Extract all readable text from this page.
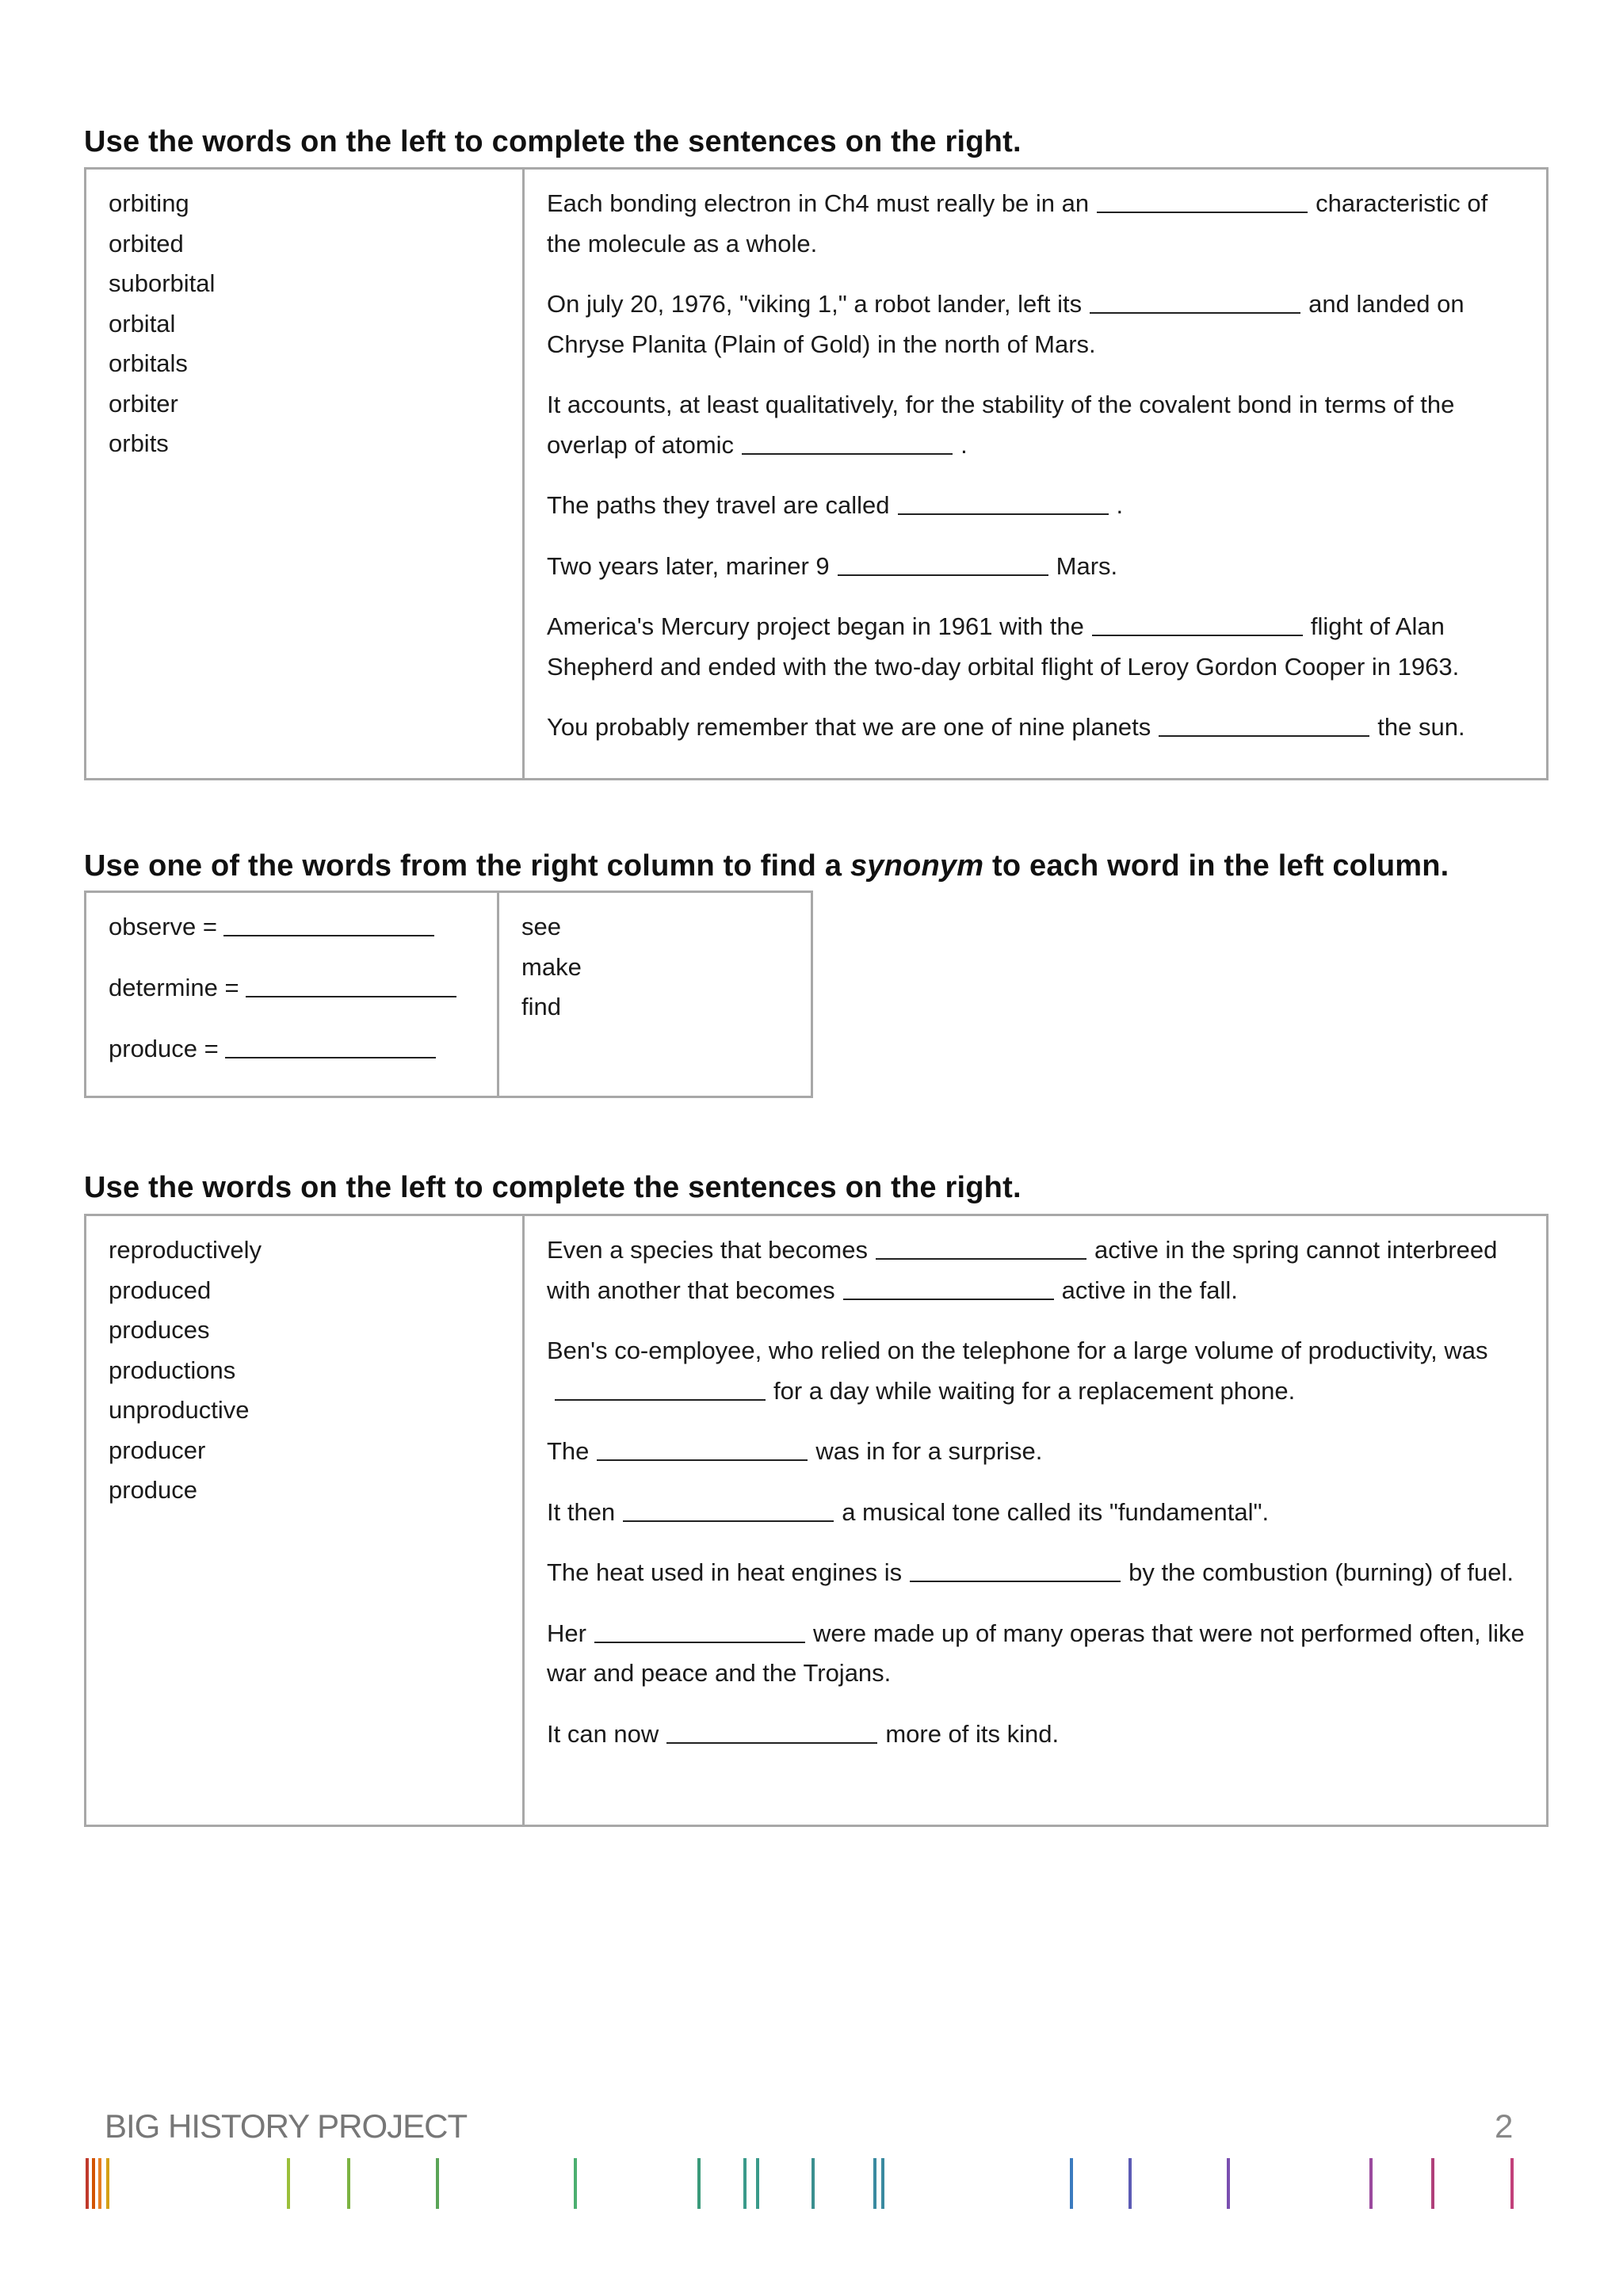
Use the words on the left to complete the sentences on the right.
orbiting
orbited
suborbital
orbital
orbitals
orbiter
orbits

Each bonding electron in Ch4 must really be in an	characteristic of the molecule as a whole.

On july 20, 1976, "viking 1," a robot lander, left its	and landed on Chryse Planita (Plain of Gold) in the north of Mars.

It accounts, at least qualitatively, for the stability of the covalent bond in terms of the overlap of atomic	.

The paths they travel are called	.

Two years later, mariner 9	Mars.

America's Mercury project began in 1961 with the	flight of Alan Shepherd and ended with the two-day orbital flight of Leroy Gordon Cooper in 1963.

You probably remember that we are one of nine planets	the sun.

Use one of the words from the right column to find a synonym to each word in the left column.
observe =
determine =
produce =
see
make
find
Use the words on the left to complete the sentences on the right.
reproductively
produced
produces
productions
unproductive
producer
produce

Even a species that becomes	active in the spring cannot interbreed with another that becomes	active in the fall.

Ben's co-employee, who relied on the telephone for a large volume of productivity, wasfor a day while waiting for a replacement phone.

The	was in for a surprise.

It then	a musical tone called its "fundamental".

The heat used in heat engines is	by the combustion (burning) of fuel.

Her	were made up of many operas that were not performed often, like war and peace and the Trojans.

It can now	more of its kind.

BIG HISTORY PROJECT	2
